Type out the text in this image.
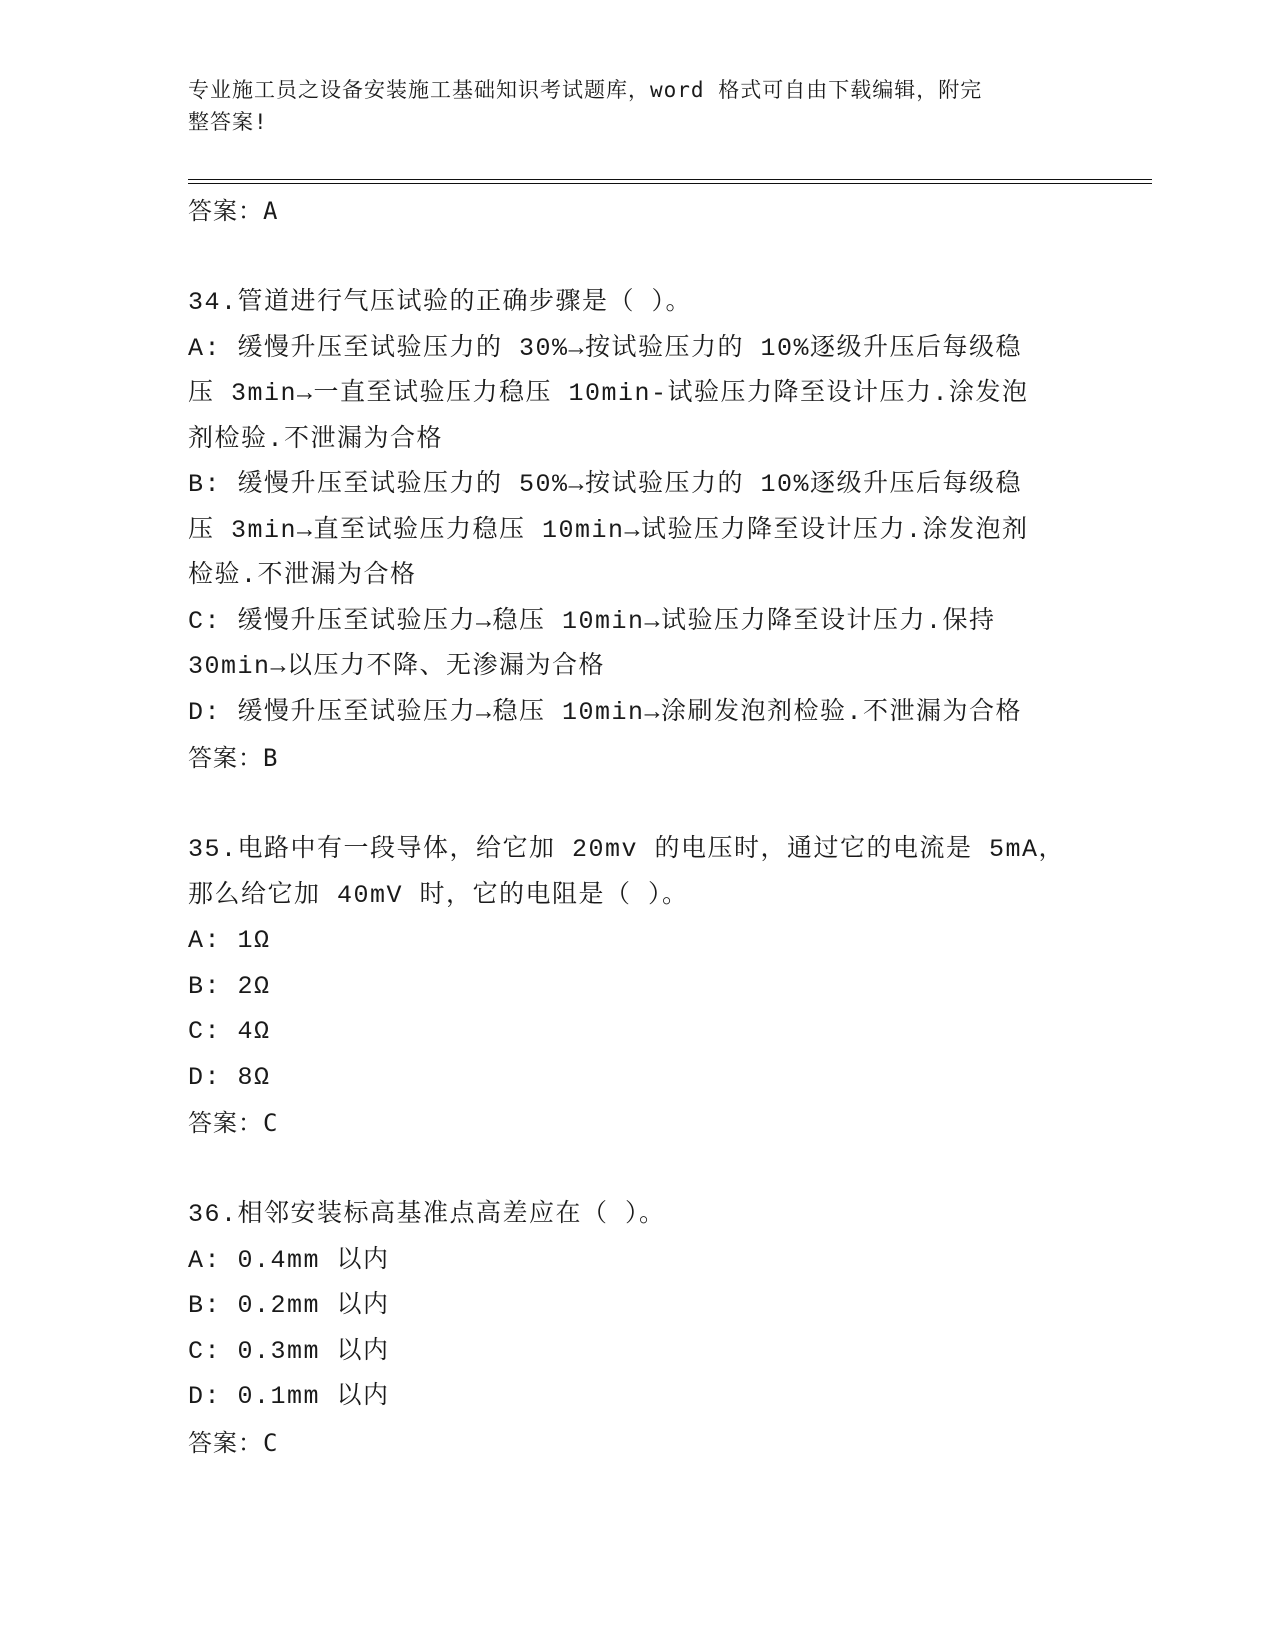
专业施工员之设备安装施工基础知识考试题库，word 格式可自由下载编辑，附完
整答案!
答案：A
34.管道进行气压试验的正确步骤是（ ）。
A: 缓慢升压至试验压力的 30%→按试验压力的 10%逐级升压后每级稳
压 3min→一直至试验压力稳压 10min-试验压力降至设计压力.涂发泡
剂检验.不泄漏为合格
B: 缓慢升压至试验压力的 50%→按试验压力的 10%逐级升压后每级稳
压 3min→直至试验压力稳压 10min→试验压力降至设计压力.涂发泡剂
检验.不泄漏为合格
C: 缓慢升压至试验压力→稳压 10min→试验压力降至设计压力.保持
30min→以压力不降、无渗漏为合格
D: 缓慢升压至试验压力→稳压 10min→涂刷发泡剂检验.不泄漏为合格
答案：B
35.电路中有一段导体，给它加 20mv 的电压时，通过它的电流是 5mA，
那么给它加 40mV 时，它的电阻是（ ）。
A: 1Ω
B: 2Ω
C: 4Ω
D: 8Ω
答案：C
36.相邻安装标高基准点高差应在（ ）。
A: 0.4mm 以内
B: 0.2mm 以内
C: 0.3mm 以内
D: 0.1mm 以内
答案：C
